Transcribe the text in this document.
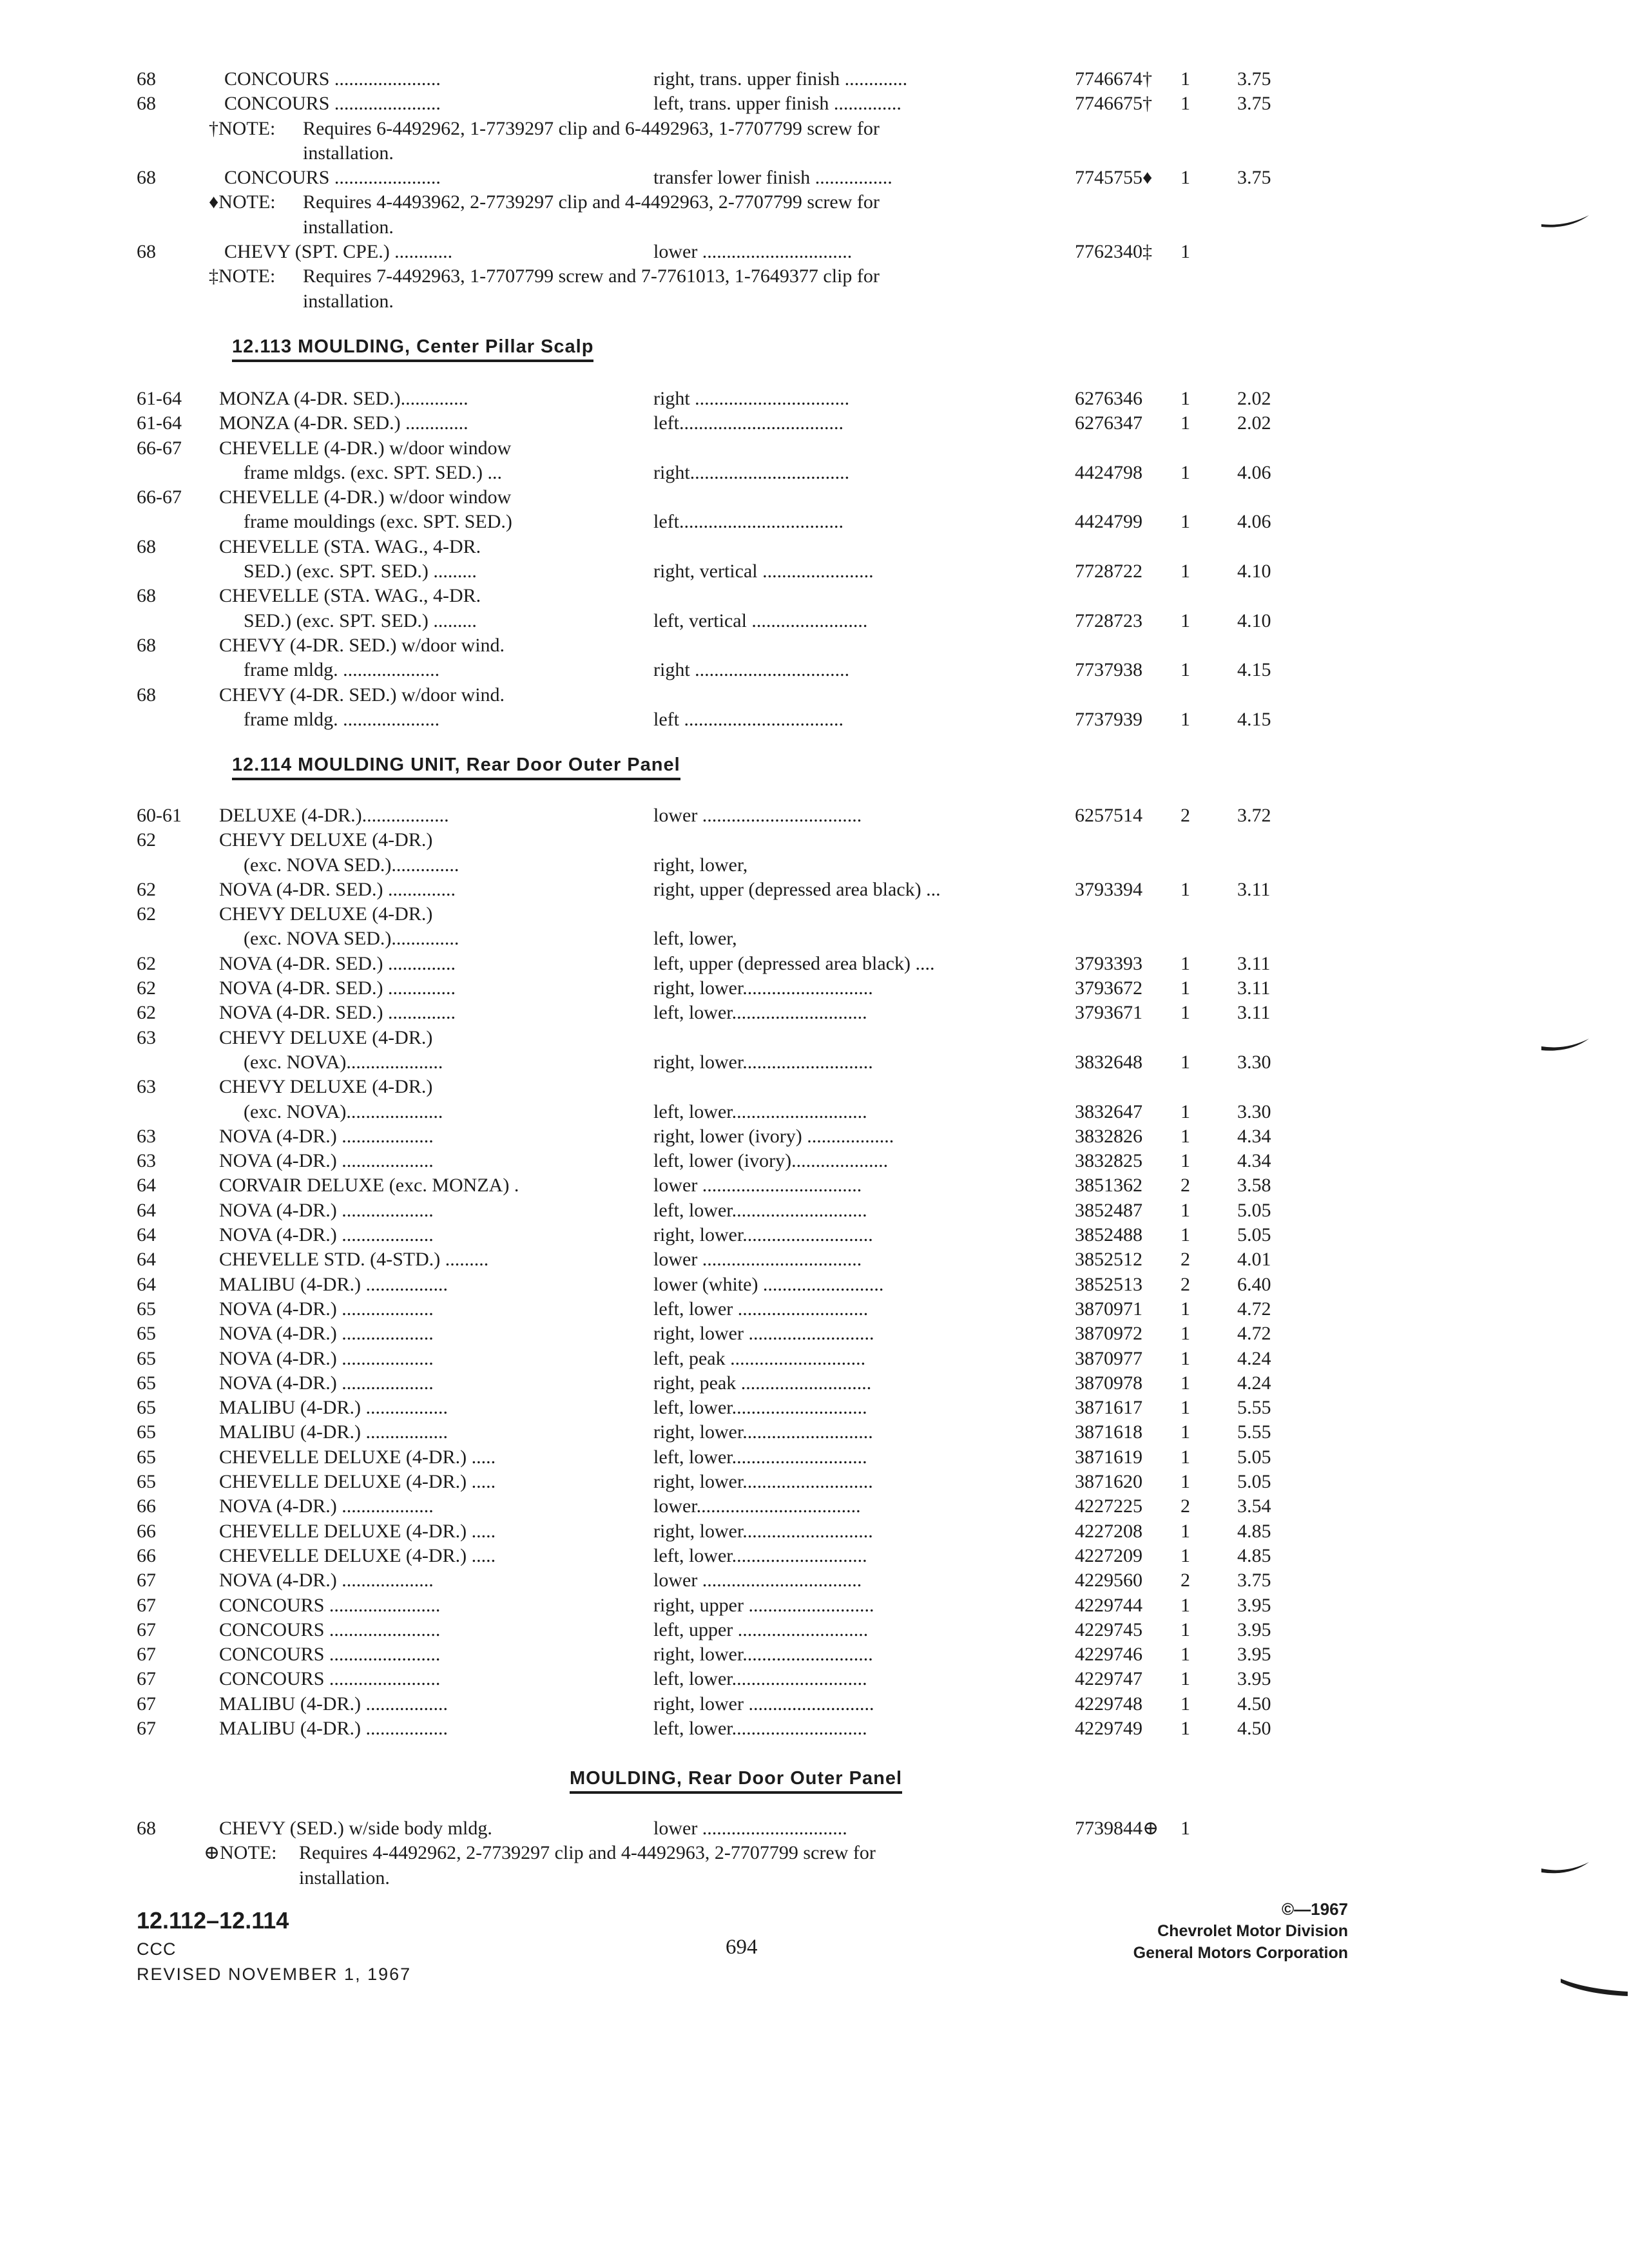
68	CONCOURS ......................	right, trans. upper finish .............	7746674† 1 3.75
68	CONCOURS ......................	left, trans. upper finish ..............	7746675† 1 3.75
†NOTE: Requires 6-4492962, 1-7739297 clip and 6-4492963, 1-7707799 screw for
installation.
68	CONCOURS ......................	transfer lower finish ................	7745755♦ 1 3.75
♦NOTE: Requires 4-4493962, 2-7739297 clip and 4-4492963, 2-7707799 screw for
installation.
68	CHEVY (SPT. CPE.) ............	lower ...............................	7762340‡ 1
‡NOTE: Requires 7-4492963, 1-7707799 screw and 7-7761013, 1-7649377 clip for
installation.
12.113 MOULDING, Center Pillar Scalp
61-64 MONZA (4-DR. SED.)..............	right ................................	6276346 1 2.02
61-64 MONZA (4-DR. SED.) .............	left..................................	6276347 1 2.02
66-67 CHEVELLE (4-DR.) w/door window
frame mldgs. (exc. SPT. SED.) ...	right.................................	4424798 1 4.06
66-67 CHEVELLE (4-DR.) w/door window
frame mouldings (exc. SPT. SED.)	left..................................	4424799 1 4.06
68	CHEVELLE (STA. WAG., 4-DR.
SED.) (exc. SPT. SED.) .........	right, vertical .......................	7728722 1 4.10
68	CHEVELLE (STA. WAG., 4-DR.
SED.) (exc. SPT. SED.) .........	left, vertical ........................	7728723 1 4.10
68	CHEVY (4-DR. SED.) w/door wind.
frame mldg. ....................	right ................................	7737938 1 4.15
68	CHEVY (4-DR. SED.) w/door wind.
frame mldg. ....................	left .................................	7737939 1 4.15
12.114 MOULDING UNIT, Rear Door Outer Panel
60-61 DELUXE (4-DR.)..................	lower .................................	6257514 2 3.72
62	CHEVY DELUXE (4-DR.)
(exc. NOVA SED.)..............	right, lower,
62	NOVA (4-DR. SED.) ..............	right, upper (depressed area black) ...	3793394 1 3.11
62	CHEVY DELUXE (4-DR.)
(exc. NOVA SED.)..............	left, lower,
62	NOVA (4-DR. SED.) ..............	left, upper (depressed area black) ....	3793393 1 3.11
62	NOVA (4-DR. SED.) ..............	right, lower...........................	3793672 1 3.11
62	NOVA (4-DR. SED.) ..............	left, lower............................	3793671 1 3.11
63	CHEVY DELUXE (4-DR.)
(exc. NOVA)....................	right, lower...........................	3832648 1 3.30
63	CHEVY DELUXE (4-DR.)
(exc. NOVA)....................	left, lower............................	3832647 1 3.30
63	NOVA (4-DR.) ...................	right, lower (ivory) ..................	3832826 1 4.34
63	NOVA (4-DR.) ...................	left, lower (ivory)....................	3832825 1 4.34
64	CORVAIR DELUXE (exc. MONZA) .	lower .................................	3851362 2 3.58
64	NOVA (4-DR.) ...................	left, lower............................	3852487 1 5.05
64	NOVA (4-DR.) ...................	right, lower...........................	3852488 1 5.05
64	CHEVELLE STD. (4-STD.) .........	lower .................................	3852512 2 4.01
64	MALIBU (4-DR.) .................	lower (white) .........................	3852513 2 6.40
65	NOVA (4-DR.) ...................	left, lower ...........................	3870971 1 4.72
65	NOVA (4-DR.) ...................	right, lower ..........................	3870972 1 4.72
65	NOVA (4-DR.) ...................	left, peak ............................	3870977 1 4.24
65	NOVA (4-DR.) ...................	right, peak ...........................	3870978 1 4.24
65	MALIBU (4-DR.) .................	left, lower............................	3871617 1 5.55
65	MALIBU (4-DR.) .................	right, lower...........................	3871618 1 5.55
65	CHEVELLE DELUXE (4-DR.) .....	left, lower............................	3871619 1 5.05
65	CHEVELLE DELUXE (4-DR.) .....	right, lower...........................	3871620 1 5.05
66	NOVA (4-DR.) ...................	lower..................................	4227225 2 3.54
66	CHEVELLE DELUXE (4-DR.) .....	right, lower...........................	4227208 1 4.85
66	CHEVELLE DELUXE (4-DR.) .....	left, lower............................	4227209 1 4.85
67	NOVA (4-DR.) ...................	lower .................................	4229560 2 3.75
67	CONCOURS .......................	right, upper ..........................	4229744 1 3.95
67	CONCOURS .......................	left, upper ...........................	4229745 1 3.95
67	CONCOURS .......................	right, lower...........................	4229746 1 3.95
67	CONCOURS .......................	left, lower............................	4229747 1 3.95
67	MALIBU (4-DR.) .................	right, lower ..........................	4229748 1 4.50
67	MALIBU (4-DR.) .................	left, lower............................	4229749 1 4.50
MOULDING, Rear Door Outer Panel
68	CHEVY (SED.) w/side body mldg.	lower ..............................	7739844⊕ 1
⊕NOTE: Requires 4-4492962, 2-7739297 clip and 4-4492963, 2-7707799 screw for
installation.
12.112–12.114
CCC
REVISED NOVEMBER 1, 1967
694
©—1967
Chevrolet Motor Division
General Motors Corporation
